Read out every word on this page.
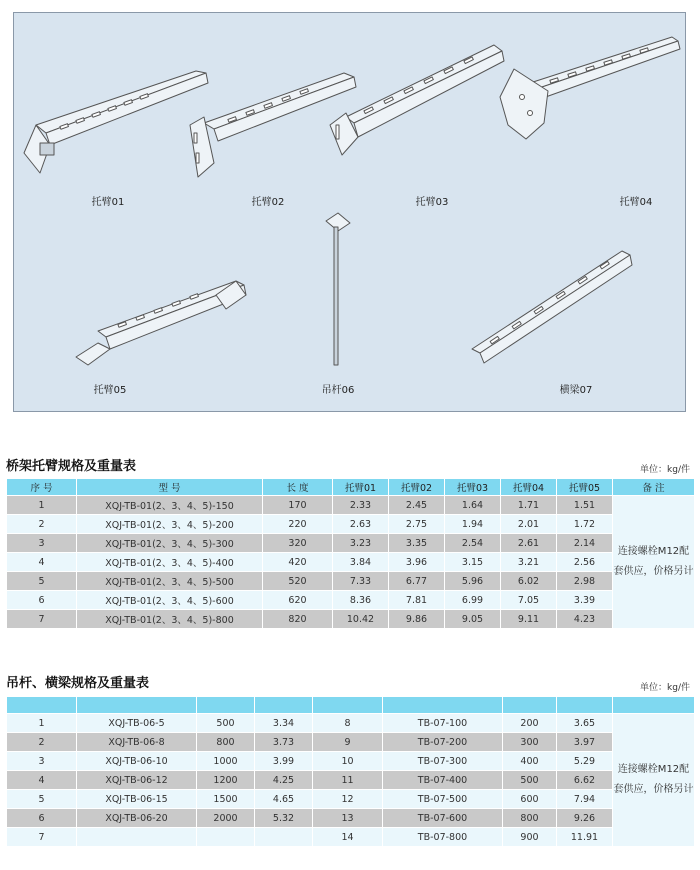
托臂01	托臂02	托臂03	托臂04
托臂05	吊杆06	横梁07
桥架托臂规格及重量表	单位：kg/件
序 号	型 号	长 度	托臂01	托臂02	托臂03	托臂04	托臂05	备 注
1	XQJ-TB-01(2、3、4、5)-150	170	2.33	2.45	1.64	1.71	1.51	连接螺栓M12配套供应，价格另计
2	XQJ-TB-01(2、3、4、5)-200	220	2.63	2.75	1.94	2.01	1.72	
3	XQJ-TB-01(2、3、4、5)-300	320	3.23	3.35	2.54	2.61	2.14	
4	XQJ-TB-01(2、3、4、5)-400	420	3.84	3.96	3.15	3.21	2.56	
5	XQJ-TB-01(2、3、4、5)-500	520	7.33	6.77	5.96	6.02	2.98	
6	XQJ-TB-01(2、3、4、5)-600	620	8.36	7.81	6.99	7.05	3.39	
7	XQJ-TB-01(2、3、4、5)-800	820	10.42	9.86	9.05	9.11	4.23	
吊杆、横梁规格及重量表	单位：kg/件

1	XQJ-TB-06-5	500	3.34	8	TB-07-100	200	3.65	连接螺栓M12配套供应，价格另计
2	XQJ-TB-06-8	800	3.73	9	TB-07-200	300	3.97	
3	XQJ-TB-06-10	1000	3.99	10	TB-07-300	400	5.29	
4	XQJ-TB-06-12	1200	4.25	11	TB-07-400	500	6.62	
5	XQJ-TB-06-15	1500	4.65	12	TB-07-500	600	7.94	
6	XQJ-TB-06-20	2000	5.32	13	TB-07-600	800	9.26	
7				14	TB-07-800	900	11.91	
